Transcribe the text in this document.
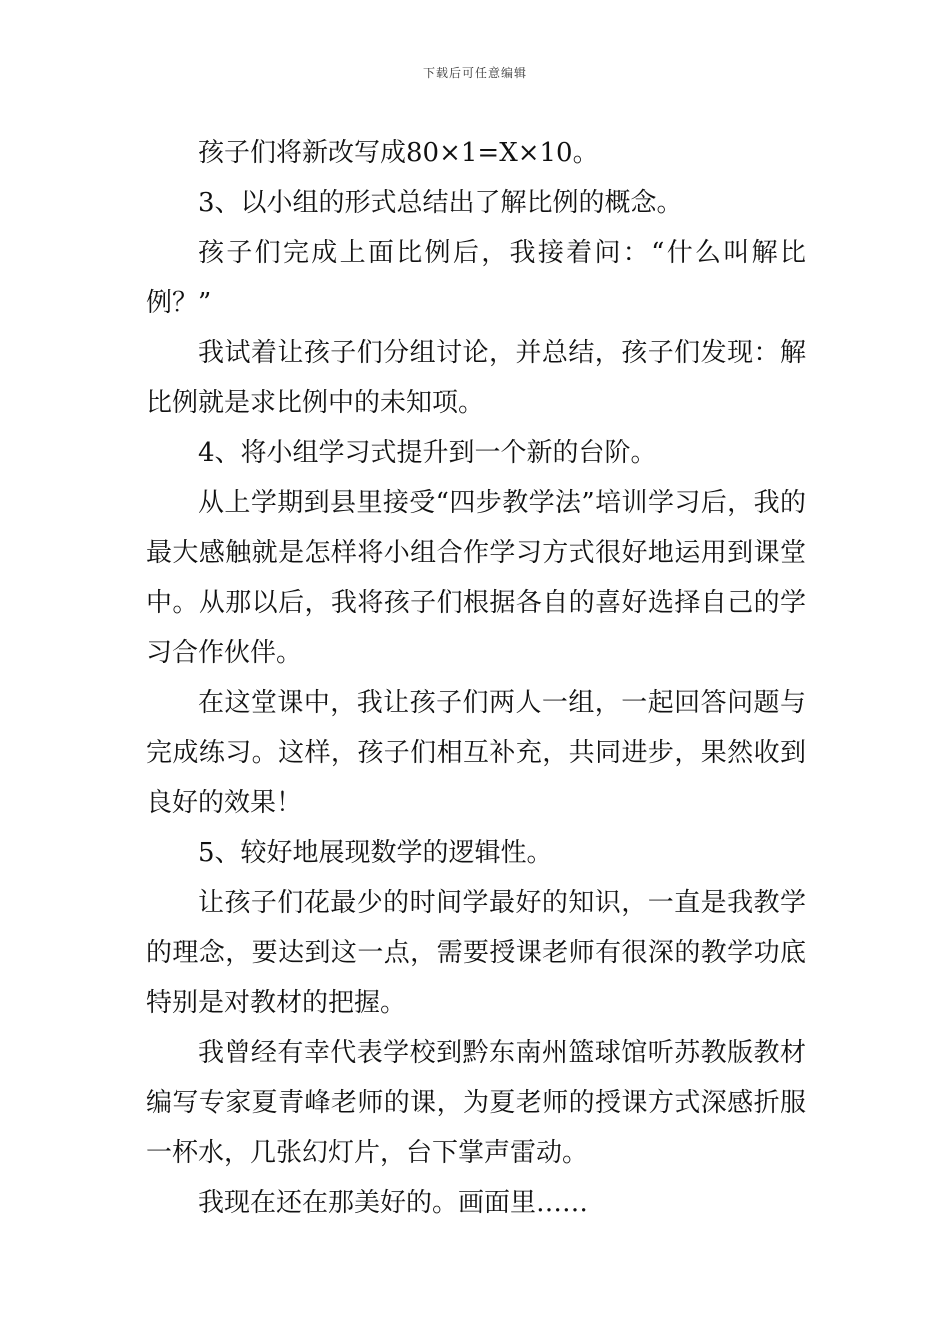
下载后可任意编辑

孩子们将新改写成80×1=X×10。

3、以小组的形式总结出了解比例的概念。

孩子们完成上面比例后，我接着问：“什么叫解比例？”

我试着让孩子们分组讨论，并总结，孩子们发现：解比例就是求比例中的未知项。

4、将小组学习式提升到一个新的台阶。

从上学期到县里接受“四步教学法”培训学习后，我的最大感触就是怎样将小组合作学习方式很好地运用到课堂中。从那以后，我将孩子们根据各自的喜好选择自己的学习合作伙伴。

在这堂课中，我让孩子们两人一组，一起回答问题与完成练习。这样，孩子们相互补充，共同进步，果然收到良好的效果！

5、较好地展现数学的逻辑性。

让孩子们花最少的时间学最好的知识，一直是我教学的理念，要达到这一点，需要授课老师有很深的教学功底特别是对教材的把握。

我曾经有幸代表学校到黔东南州篮球馆听苏教版教材编写专家夏青峰老师的课，为夏老师的授课方式深感折服一杯水，几张幻灯片，台下掌声雷动。

我现在还在那美好的。画面里……
